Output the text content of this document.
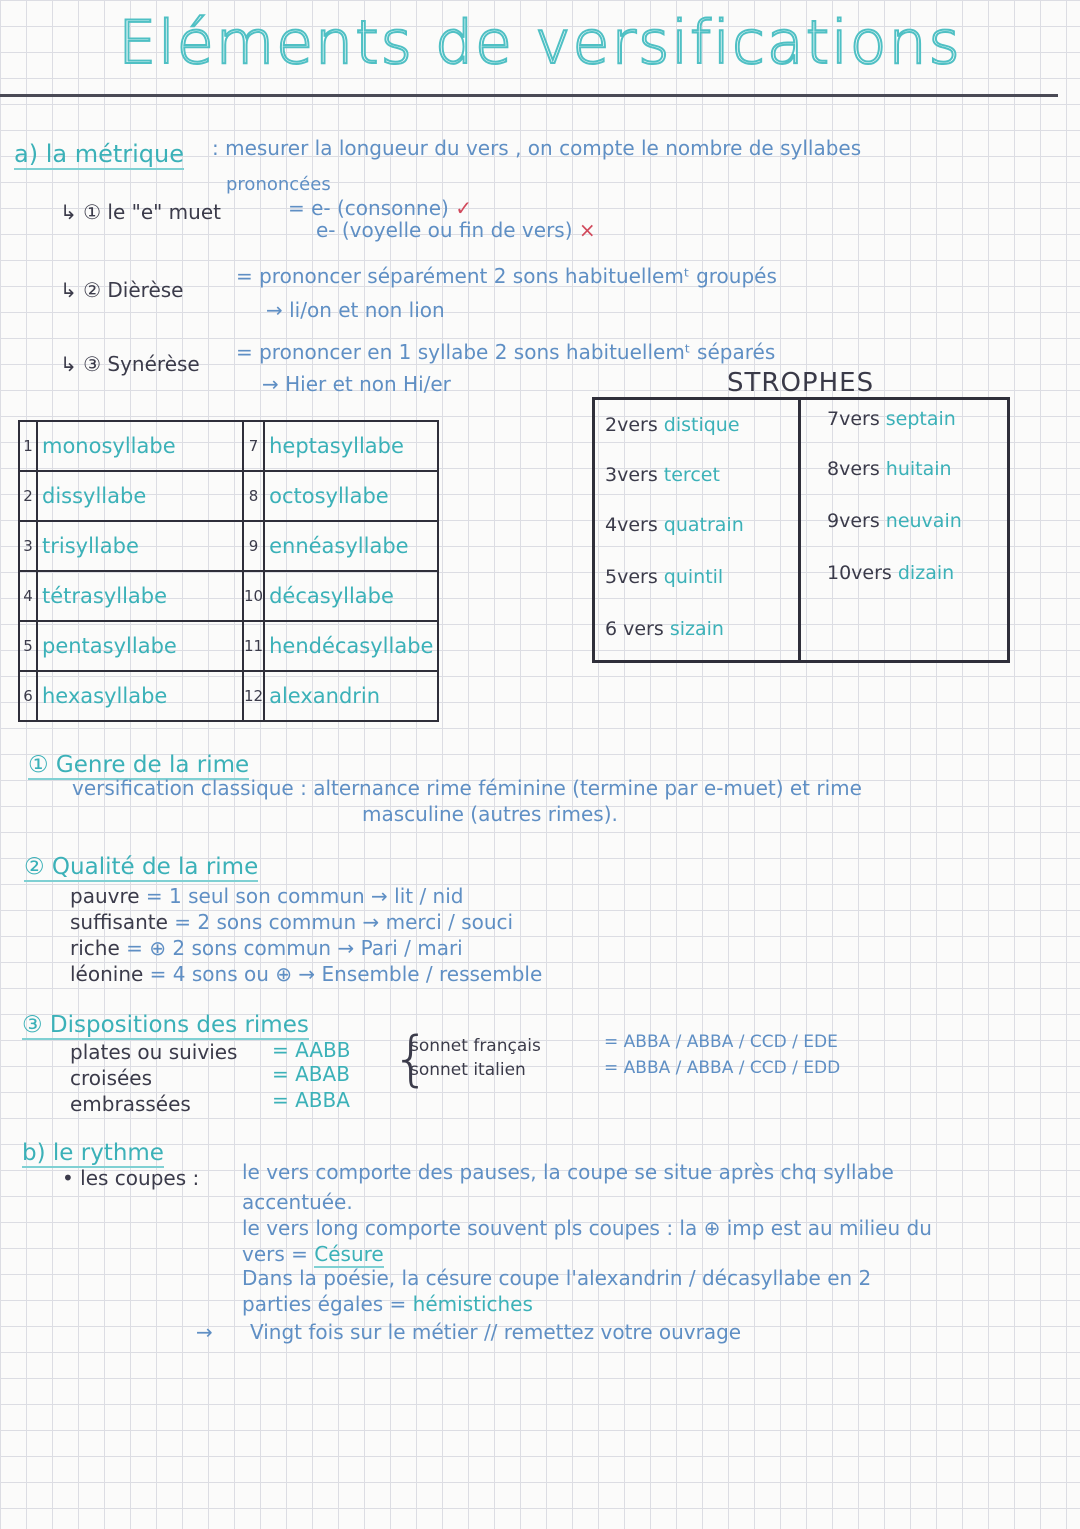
Eléments de versifications
a) la métrique : mesurer la longueur du vers , on compte le nombre de syllabes
prononcées
↳ ① le "e" muet	= e- (consonne) ✓
e- (voyelle ou fin de vers) ×
↳ ② Dièrèse
= prononcer séparément 2 sons habituellemᵗ groupés
→ li/on et non lion
↳ ③ Synérèse = prononcer en 1 syllabe 2 sons habituellemᵗ séparés
→ Hier et non Hi/er
1	monosyllabe	7	heptasyllabe
2	dissyllabe	8	octosyllabe
3	trisyllabe	9	ennéasyllabe
4	tétrasyllabe	10	décasyllabe
5	pentasyllabe	11	hendécasyllabe
6	hexasyllabe	12	alexandrin
STROPHES
2vers distique
3vers tercet
4vers quatrain
5vers quintil
6 vers sizain
7vers septain
8vers huitain
9vers neuvain
10vers dizain
① Genre de la rime
versification classique : alternance rime féminine (termine par e-muet) et rime
masculine (autres rimes).
② Qualité de la rime
pauvre = 1 seul son commun → lit / nid
suffisante = 2 sons commun → merci / souci
riche = ⊕ 2 sons commun → Pari / mari
léonine = 4 sons ou ⊕ → Ensemble / ressemble
③ Dispositions des rimes
plates ou suivies = AABB
croisées	= ABAB
embrassées	= ABBA
{
sonnet français	= ABBA / ABBA / CCD / EDE
sonnet italien	= ABBA / ABBA / CCD / EDD
b) le rythme
• les coupes : le vers comporte des pauses, la coupe se situe après chq syllabe
accentuée.
le vers long comporte souvent pls coupes : la ⊕ imp est au milieu du
vers = Césure
Dans la poésie, la césure coupe l'alexandrin / décasyllabe en 2
parties égales = hémistiches
→ Vingt fois sur le métier // remettez votre ouvrage
